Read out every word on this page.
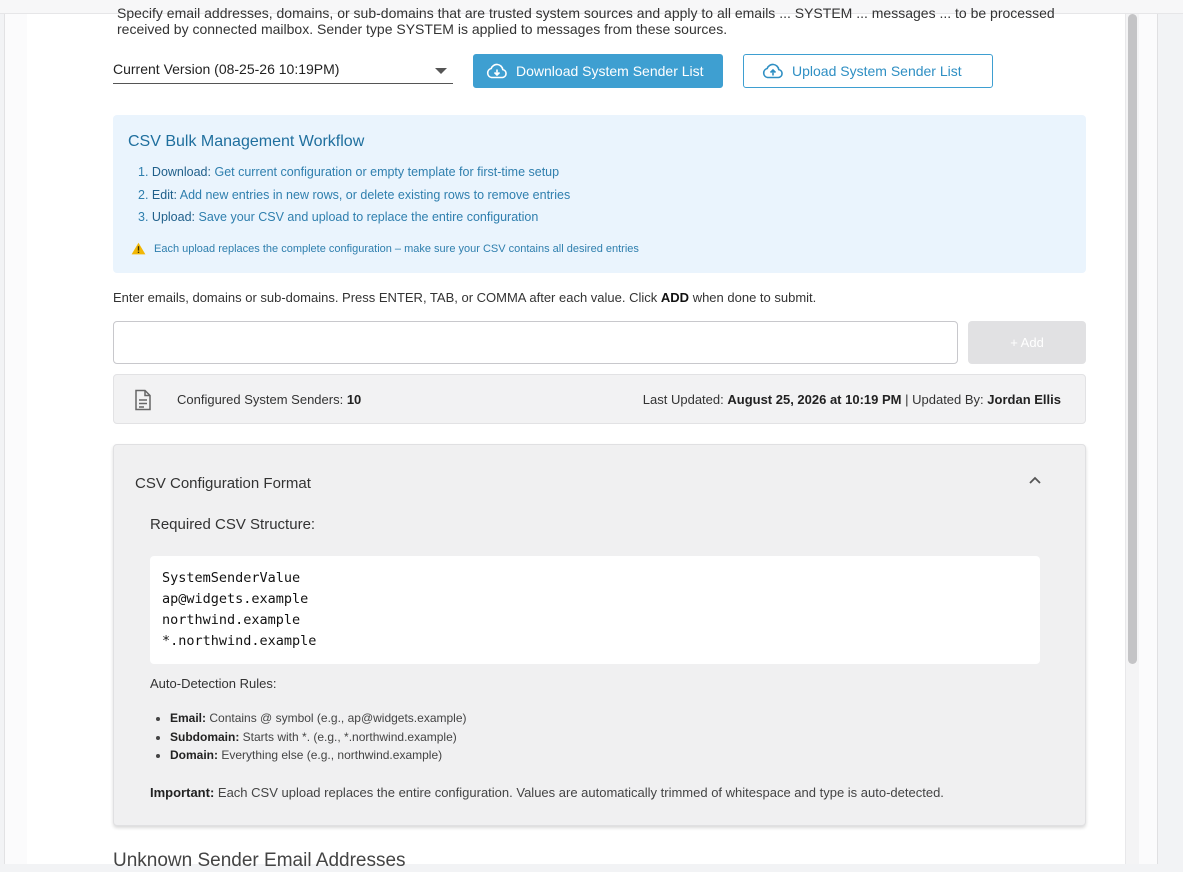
Specify email addresses, domains, or sub-domains that are trusted system sources and apply to all emails ... SYSTEM ... messages ... to be processed
received by connected mailbox. Sender type SYSTEM is applied to messages from these sources.
Current Version (08-25-26 10:19PM)	Download System Sender List	Upload System Sender List
CSV Bulk Management Workflow
1. Download: Get current configuration or empty template for first-time setup
2. Edit: Add new entries in new rows, or delete existing rows to remove entries
3. Upload: Save your CSV and upload to replace the entire configuration
Each upload replaces the complete configuration – make sure your CSV contains all desired entries
Enter emails, domains or sub-domains. Press ENTER, TAB, or COMMA after each value. Click ADD when done to submit.
+ Add
Configured System Senders: 10	Last Updated: August 25, 2026 at 10:19 PM | Updated By: Jordan Ellis
CSV Configuration Format
Required CSV Structure:
SystemSenderValue
ap@widgets.example
northwind.example
*.northwind.example
Auto-Detection Rules:
• Email: Contains @ symbol (e.g., ap@widgets.example)
• Subdomain: Starts with *. (e.g., *.northwind.example)
• Domain: Everything else (e.g., northwind.example)
Important: Each CSV upload replaces the entire configuration. Values are automatically trimmed of whitespace and type is auto-detected.
Unknown Sender Email Addresses
